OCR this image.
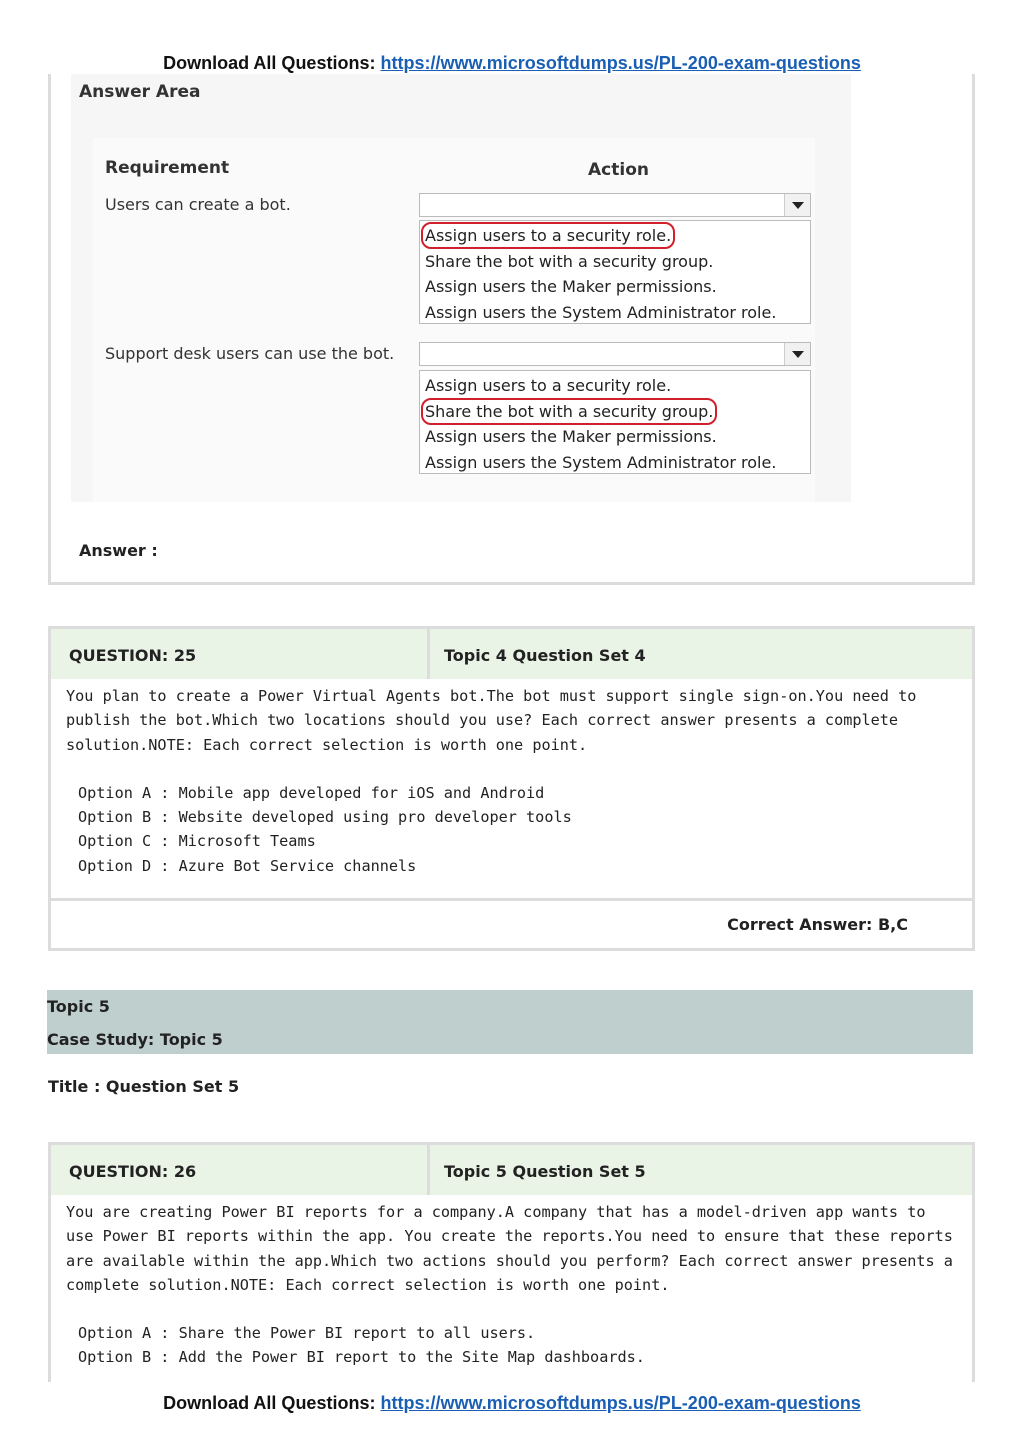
Download All Questions: https://www.microsoftdumps.us/PL-200-exam-questions
Answer Area
Requirement	Action
Users can create a bot.
Assign users to a security role.
Share the bot with a security group.
Assign users the Maker permissions.
Assign users the System Administrator role.
Support desk users can use the bot.
Assign users to a security role.
Share the bot with a security group.
Assign users the Maker permissions.
Assign users the System Administrator role.
Answer :
QUESTION: 25	Topic 4 Question Set 4
You plan to create a Power Virtual Agents bot.The bot must support single sign-on.You need to publish the bot.Which two locations should you use? Each correct answer presents a complete solution.NOTE: Each correct selection is worth one point.
Option A : Mobile app developed for iOS and Android
Option B : Website developed using pro developer tools
Option C : Microsoft Teams
Option D : Azure Bot Service channels
Correct Answer: B,C
Topic 5
Case Study: Topic 5
Title : Question Set 5
QUESTION: 26	Topic 5 Question Set 5
You are creating Power BI reports for a company.A company that has a model-driven app wants to use Power BI reports within the app. You create the reports.You need to ensure that these reports are available within the app.Which two actions should you perform? Each correct answer presents a complete solution.NOTE: Each correct selection is worth one point.
Option A : Share the Power BI report to all users.
Option B : Add the Power BI report to the Site Map dashboards.
Download All Questions: https://www.microsoftdumps.us/PL-200-exam-questions
